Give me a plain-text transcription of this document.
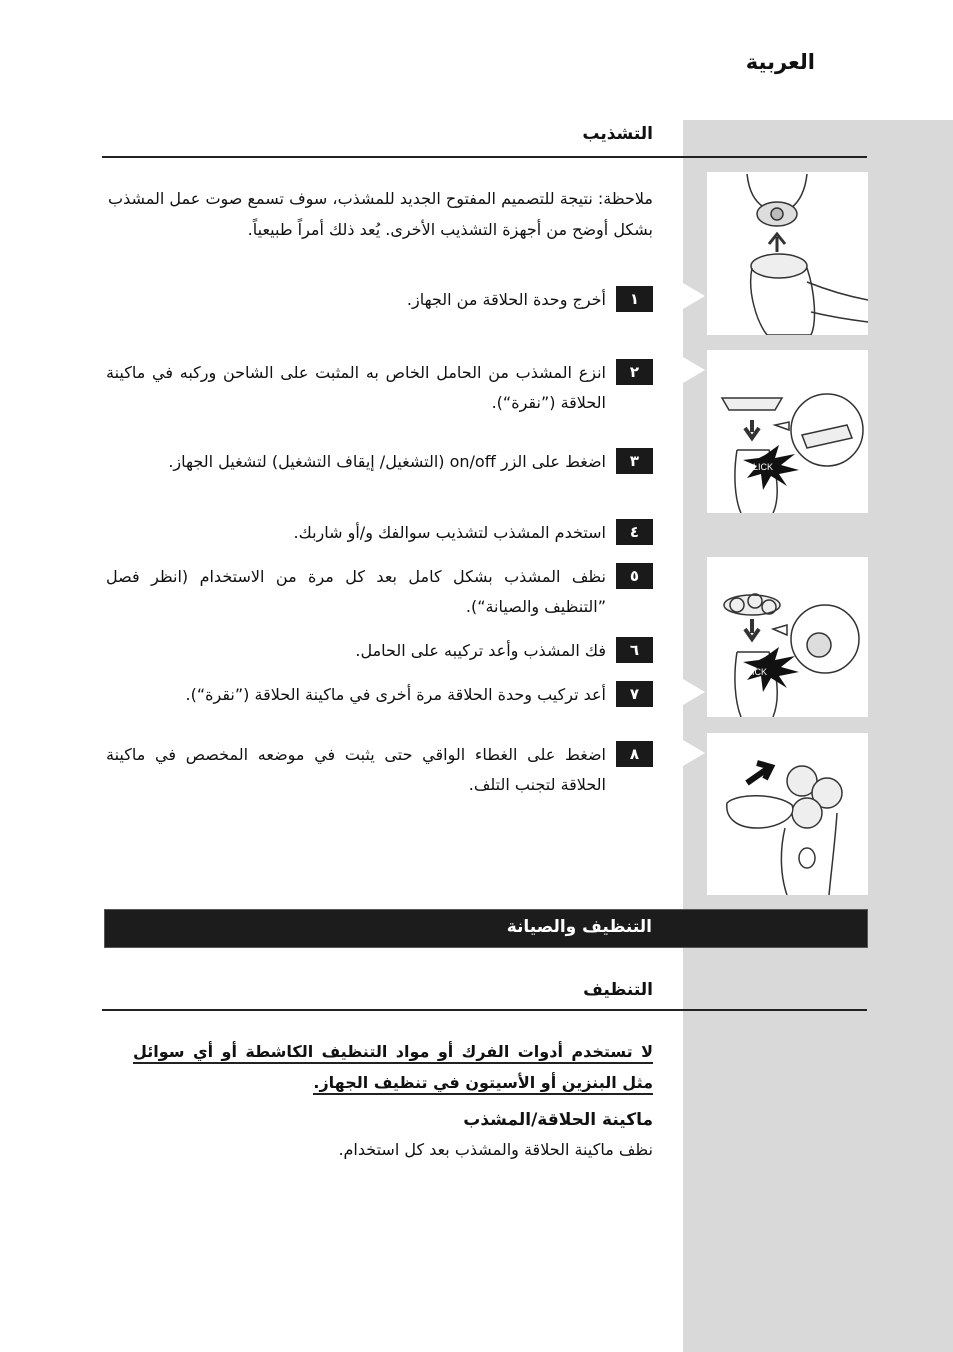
العربية
التشذيب
ملاحظة: نتيجة للتصميم المفتوح الجديد للمشذب، سوف تسمع صوت عمل المشذب بشكل أوضح من أجهزة التشذيب الأخرى. يُعد ذلك أمراً طبيعياً.
١
أخرج وحدة الحلاقة من الجهاز.
٢
انزع المشذب من الحامل الخاص به المثبت على الشاحن وركبه في ماكينة الحلاقة (”نقرة“).
٣
اضغط على الزر on/off (التشغيل/ إيقاف التشغيل) لتشغيل الجهاز.
٤
استخدم المشذب لتشذيب سوالفك و/أو شاربك.
٥
نظف المشذب بشكل كامل بعد كل مرة من الاستخدام (انظر فصل ”التنظيف والصيانة“).
٦
فك المشذب وأعد تركيبه على الحامل.
٧
أعد تركيب وحدة الحلاقة مرة أخرى في ماكينة الحلاقة (”نقرة“).
٨
اضغط على الغطاء الواقي حتى يثبت في موضعه المخصص في ماكينة الحلاقة لتجنب التلف.
CLICK
CLICK
التنظيف والصيانة
التنظيف
لا تستخدم أدوات الفرك أو مواد التنظيف الكاشطة أو أي سوائل مثل البنزين أو الأسيتون في تنظيف الجهاز.
ماكينة الحلاقة/المشذب
نظف ماكينة الحلاقة والمشذب بعد كل استخدام.
